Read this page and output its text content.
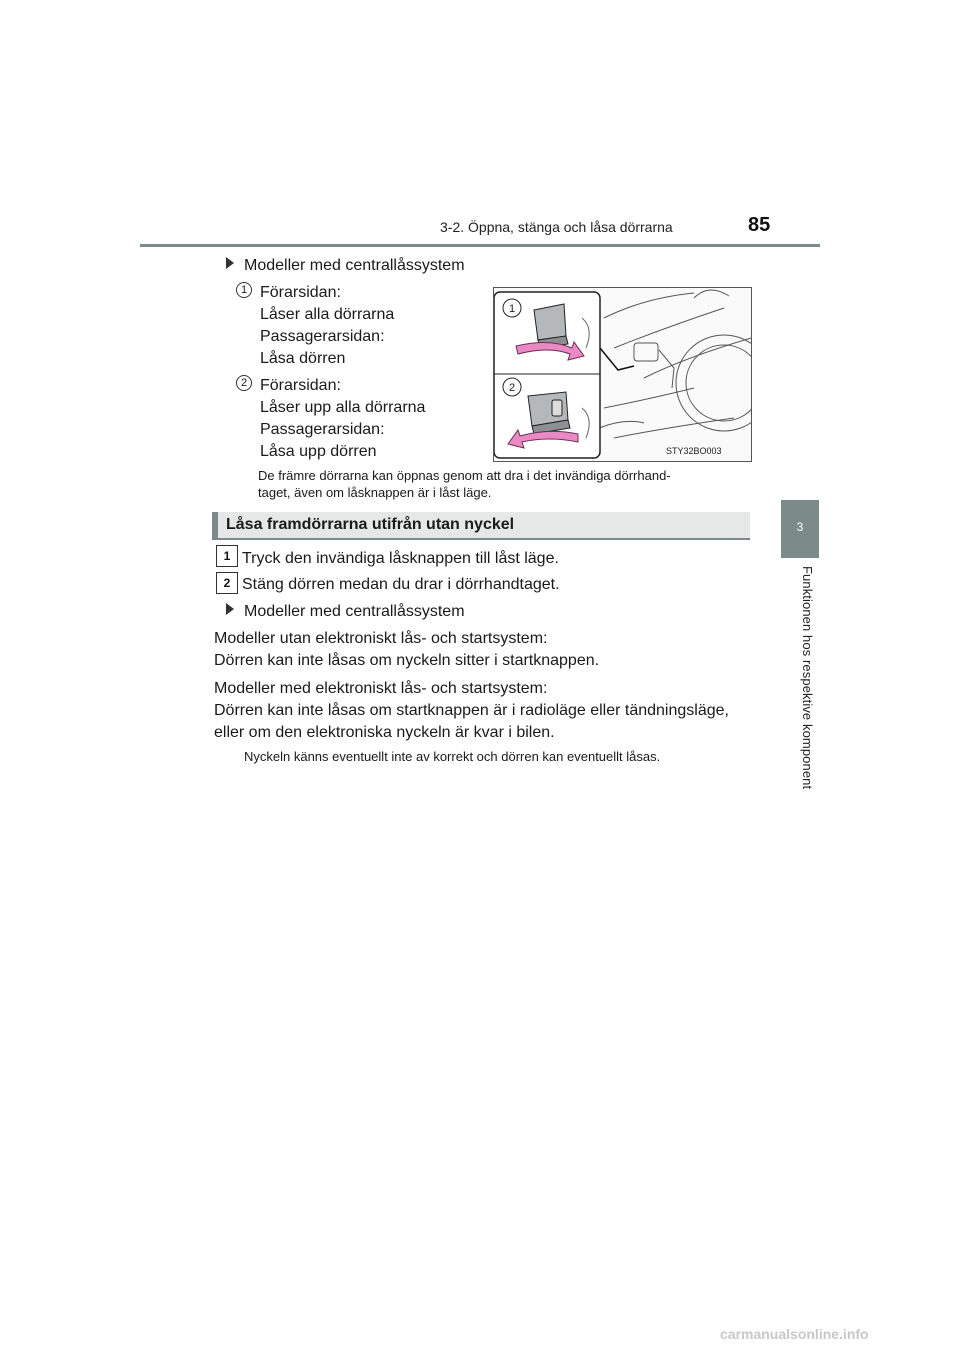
3-2. Öppna, stänga och låsa dörrarna	85
3
Funktionen hos respektive komponent
Modeller med centrallåssystem
1 Förarsidan:
Låser alla dörrarna
Passagerarsidan:
Låsa dörren
2 Förarsidan:
Låser upp alla dörrarna
Passagerarsidan:
Låsa upp dörren
De främre dörrarna kan öppnas genom att dra i det invändiga dörrhand-
taget, även om låsknappen är i låst läge.
1
2
STY32BO003
Låsa framdörrarna utifrån utan nyckel
1 Tryck den invändiga låsknappen till låst läge.
2 Stäng dörren medan du drar i dörrhandtaget.
Modeller med centrallåssystem
Modeller utan elektroniskt lås- och startsystem:
Dörren kan inte låsas om nyckeln sitter i startknappen.
Modeller med elektroniskt lås- och startsystem:
Dörren kan inte låsas om startknappen är i radioläge eller tändningsläge,
eller om den elektroniska nyckeln är kvar i bilen.
Nyckeln känns eventuellt inte av korrekt och dörren kan eventuellt låsas.
carmanualsonline.info
